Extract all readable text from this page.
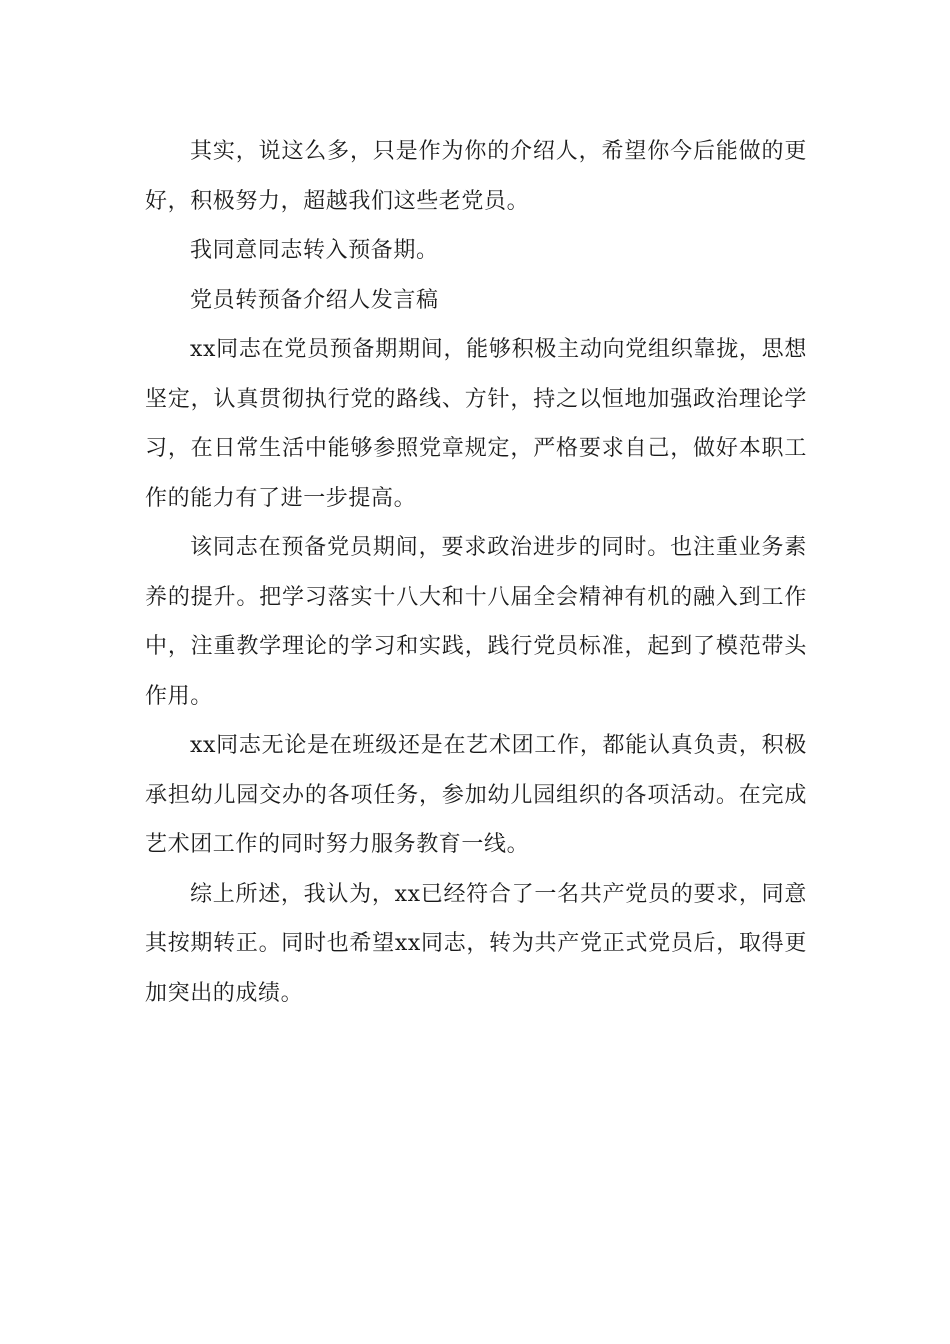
其实，说这么多，只是作为你的介绍人，希望你今后能做的更好，积极努力，超越我们这些老党员。

我同意同志转入预备期。

党员转预备介绍人发言稿

xx同志在党员预备期期间，能够积极主动向党组织靠拢，思想坚定，认真贯彻执行党的路线、方针，持之以恒地加强政治理论学习，在日常生活中能够参照党章规定，严格要求自己，做好本职工作的能力有了进一步提高。

该同志在预备党员期间，要求政治进步的同时。也注重业务素养的提升。把学习落实十八大和十八届全会精神有机的融入到工作中，注重教学理论的学习和实践，践行党员标准，起到了模范带头作用。

xx同志无论是在班级还是在艺术团工作，都能认真负责，积极承担幼儿园交办的各项任务，参加幼儿园组织的各项活动。在完成艺术团工作的同时努力服务教育一线。

综上所述，我认为，xx已经符合了一名共产党员的要求，同意其按期转正。同时也希望xx同志，转为共产党正式党员后，取得更加突出的成绩。
